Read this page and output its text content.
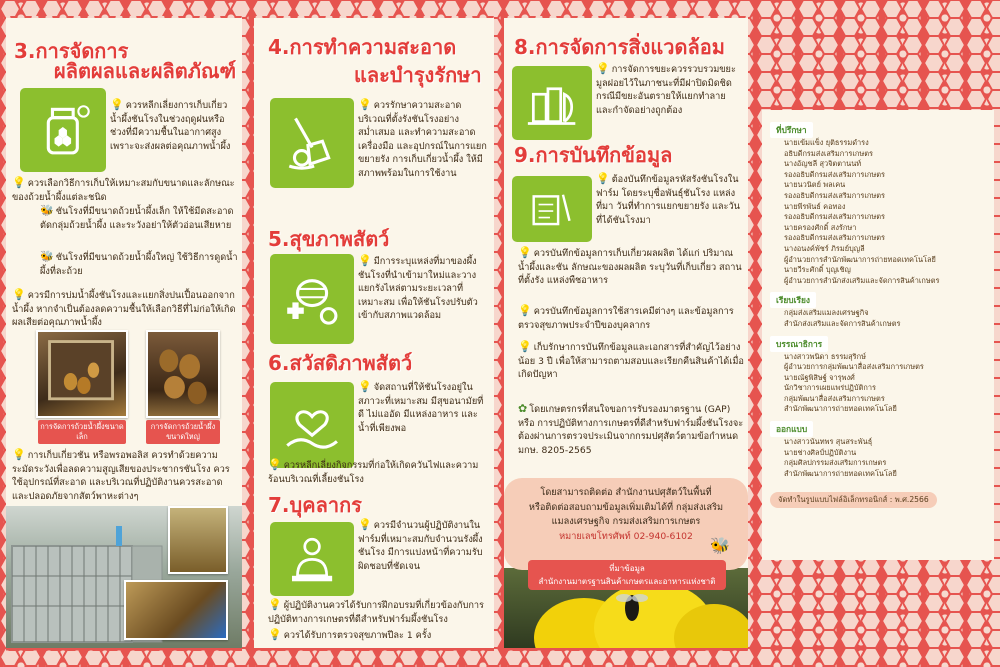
3.การจัดการ
ผลิตผลและผลิตภัณฑ์
💡 ควรหลีกเลี่ยงการเก็บเกี่ยวน้ำผึ้งชันโรงในช่วงฤดูฝนหรือช่วงที่มีความชื้นในอากาศสูง เพราะจะส่งผลต่อคุณภาพน้ำผึ้ง
💡 ควรเลือกวิธีการเก็บให้เหมาะสมกับขนาดและลักษณะของถ้วยน้ำผึ้งแต่ละชนิด
🐝 ชันโรงที่มีขนาดถ้วยน้ำผึ้งเล็ก ให้ใช้มีดสะอาดตัดกลุ่มถ้วยน้ำผึ้ง และระวังอย่าให้ตัวอ่อนเสียหาย
🐝 ชันโรงที่มีขนาดถ้วยน้ำผึ้งใหญ่ ใช้วิธีการดูดน้ำผึ้งที่ละถ้วย
💡 ควรมีการบ่มน้ำผึ้งชันโรงและแยกสิ่งปนเปื้อนออกจากน้ำผึ้ง หากจำเป็นต้องลดความชื้นให้เลือกวิธีที่ไม่ก่อให้เกิดผลเสียต่อคุณภาพน้ำผึ้ง
การจัดการถ้วยน้ำผึ้งขนาดเล็ก
การจัดการถ้วยน้ำผึ้งขนาดใหญ่
💡 การเก็บเกี่ยวชัน หรือพรอพอลิส ควรทำด้วยความระมัดระวังเพื่อลดความสูญเสียของประชากรชันโรง ควรใช้อุปกรณ์ที่สะอาด และบริเวณที่ปฏิบัติงานควรสะอาดและปลอดภัยจากสัตว์พาหะต่างๆ
4.การทำความสะอาด
และบำรุงรักษา
💡 ควรรักษาความสะอาดบริเวณที่ตั้งรังชันโรงอย่างสม่ำเสมอ และทำความสะอาดเครื่องมือ และอุปกรณ์ในการแยกขยายรัง การเก็บเกี่ยวน้ำผึ้ง ให้มีสภาพพร้อมในการใช้งาน
5.สุขภาพสัตว์
💡 มีการระบุแหล่งที่มาของผึ้งชันโรงที่นำเข้ามาใหม่และวางแยกรังไหล่ตามระยะเวลาที่เหมาะสม เพื่อให้ชันโรงปรับตัวเข้ากับสภาพแวดล้อม
6.สวัสดิภาพสัตว์
💡 จัดสถานที่ให้ชันโรงอยู่ในสภาวะที่เหมาะสม มีสุขอนามัยที่ดี ไม่แออัด มีแหล่งอาหาร และน้ำที่เพียงพอ
💡 ควรหลีกเลี่ยงกิจกรรมที่ก่อให้เกิดควันไฟและความร้อนบริเวณที่เลี้ยงชันโรง
7.บุคลากร
💡 ควรมีจำนวนผู้ปฏิบัติงานในฟาร์มที่เหมาะสมกับจำนวนรังผึ้งชันโรง มีการแบ่งหน้าที่ความรับผิดชอบที่ชัดเจน
💡 ผู้ปฏิบัติงานควรได้รับการฝึกอบรมที่เกี่ยวข้องกับการปฏิบัติทางการเกษตรที่ดีสำหรับฟาร์มผึ้งชันโรง
💡 ควรได้รับการตรวจสุขภาพปีละ 1 ครั้ง
8.การจัดการสิ่งแวดล้อม
💡 การจัดการขยะควรรวบรวมขยะมูลฝอยไว้ในภาชนะที่มีฝาปิดมิดชิด กรณีมีขยะอันตรายให้แยกทำลายและกำจัดอย่างถูกต้อง
9.การบันทึกข้อมูล
💡 ต้องบันทึกข้อมูลรหัสรังชันโรงในฟาร์ม โดยระบุชื่อพันธุ์ชันโรง แหล่งที่มา วันที่ทำการแยกขยายรัง และวันที่ได้ชันโรงมา
💡 ควรบันทึกข้อมูลการเก็บเกี่ยวผลผลิต ได้แก่ ปริมาณน้ำผึ้งและชัน ลักษณะของผลผลิต ระบุวันที่เก็บเกี่ยว สถานที่ตั้งรัง แหล่งพืชอาหาร
💡 ควรบันทึกข้อมูลการใช้สารเคมีต่างๆ และข้อมูลการตรวจสุขภาพประจำปีของบุคลากร
💡 เก็บรักษาการบันทึกข้อมูลและเอกสารที่สำคัญไว้อย่างน้อย 3 ปี เพื่อให้สามารถตามสอบและเรียกคืนสินค้าได้เมื่อเกิดปัญหา
✿ โดยเกษตรกรที่สนใจขอการรับรองมาตรฐาน (GAP) หรือ การปฏิบัติทางการเกษตรที่ดีสำหรับฟาร์มผึ้งชันโรงจะต้องผ่านการตรวจประเมินจากกรมปศุสัตว์ตามข้อกำหนด มกษ. 8205-2565
โดยสามารถติดต่อ สำนักงานปศุสัตว์ในพื้นที่
หรือติดต่อสอบถามข้อมูลเพิ่มเติมได้ที่ กลุ่มส่งเสริม
แมลงเศรษฐกิจ กรมส่งเสริมการเกษตร
หมายเลขโทรศัพท์ 02-940-6102	🐝
ที่มาข้อมูล
สำนักงานมาตรฐานสินค้าเกษตรและอาหารแห่งชาติ
ที่ปรึกษา
นายเข้มแข็ง ยุติธรรมดำรง
อธิบดีกรมส่งเสริมการเกษตร
นางอัญชลี สุวจิตตานนท์
รองอธิบดีกรมส่งเสริมการเกษตร
นายนวนิตย์ พลเคน
รองอธิบดีกรมส่งเสริมการเกษตร
นายพีรพันธ์ คอทอง
รองอธิบดีกรมส่งเสริมการเกษตร
นายครองศักดิ์ สงรักษา
รองอธิบดีกรมส่งเสริมการเกษตร
นางอนงค์พัชร์ ภิรมย์บุญลี
ผู้อำนวยการสำนักพัฒนาการถ่ายทอดเทคโนโลยี
นายวีระศักดิ์ บุญเชิญ
ผู้อำนวยการสำนักส่งเสริมและจัดการสินค้าเกษตร
เรียบเรียง
กลุ่มส่งเสริมแมลงเศรษฐกิจ
สำนักส่งเสริมและจัดการสินค้าเกษตร
บรรณาธิการ
นางสาวพนิดา ธรรมสุริกษ์
ผู้อำนวยการกลุ่มพัฒนาสื่อส่งเสริมการเกษตร
นายณัฐพิสิษฐ์ จารุพงศ์
นักวิชาการเผยแพร่ปฏิบัติการ
กลุ่มพัฒนาสื่อส่งเสริมการเกษตร
สำนักพัฒนาการถ่ายทอดเทคโนโลยี
ออกแบบ
นางสาวนันทพร สุนสระพันธุ์
นายช่างศิลป์ปฏิบัติงาน
กลุ่มศิลปกรรมส่งเสริมการเกษตร
สำนักพัฒนาการถ่ายทอดเทคโนโลยี
จัดทำในรูปแบบไฟล์อิเล็กทรอนิกส์ : พ.ศ.2566
